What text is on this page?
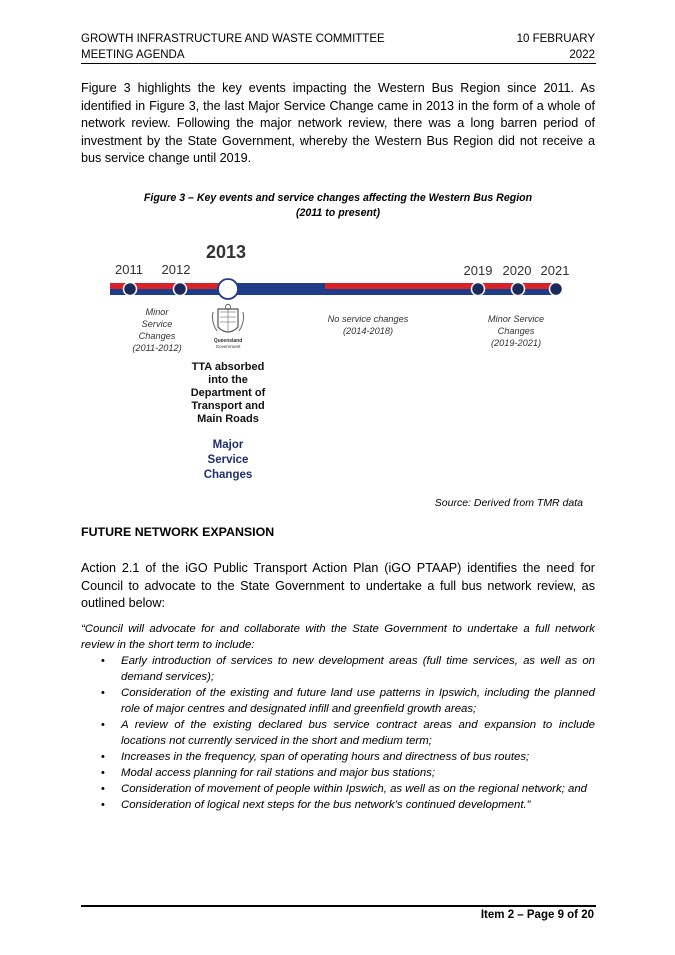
GROWTH INFRASTRUCTURE AND WASTE COMMITTEE
MEETING AGENDA
10 FEBRUARY
2022
Figure 3 highlights the key events impacting the Western Bus Region since 2011. As identified in Figure 3, the last Major Service Change came in 2013 in the form of a whole of network review. Following the major network review, there was a long barren period of investment by the State Government, whereby the Western Bus Region did not receive a bus service change until 2019.
Figure 3 – Key events and service changes affecting the Western Bus Region
(2011 to present)
2011 2012
2013
2019 2020 2021
Minor
Service
Changes
(2011-2012)
Queensland
Government
TTA absorbed
into the
Department of
Transport and
Main Roads
Major
Service
Changes
No service changes
(2014-2018)
Minor Service
Changes
(2019-2021)
Source: Derived from TMR data
FUTURE NETWORK EXPANSION
Action 2.1 of the iGO Public Transport Action Plan (iGO PTAAP) identifies the need for Council to advocate to the State Government to undertake a full bus network review, as outlined below:
“Council will advocate for and collaborate with the State Government to undertake a full network review in the short term to include:
• Early introduction of services to new development areas (full time services, as well as on demand services);
• Consideration of the existing and future land use patterns in Ipswich, including the planned role of major centres and designated infill and greenfield growth areas;
• A review of the existing declared bus service contract areas and expansion to include locations not currently serviced in the short and medium term;
• Increases in the frequency, span of operating hours and directness of bus routes;
• Modal access planning for rail stations and major bus stations;
• Consideration of movement of people within Ipswich, as well as on the regional network; and
• Consideration of logical next steps for the bus network’s continued development.”
Item 2 – Page 9 of 20
